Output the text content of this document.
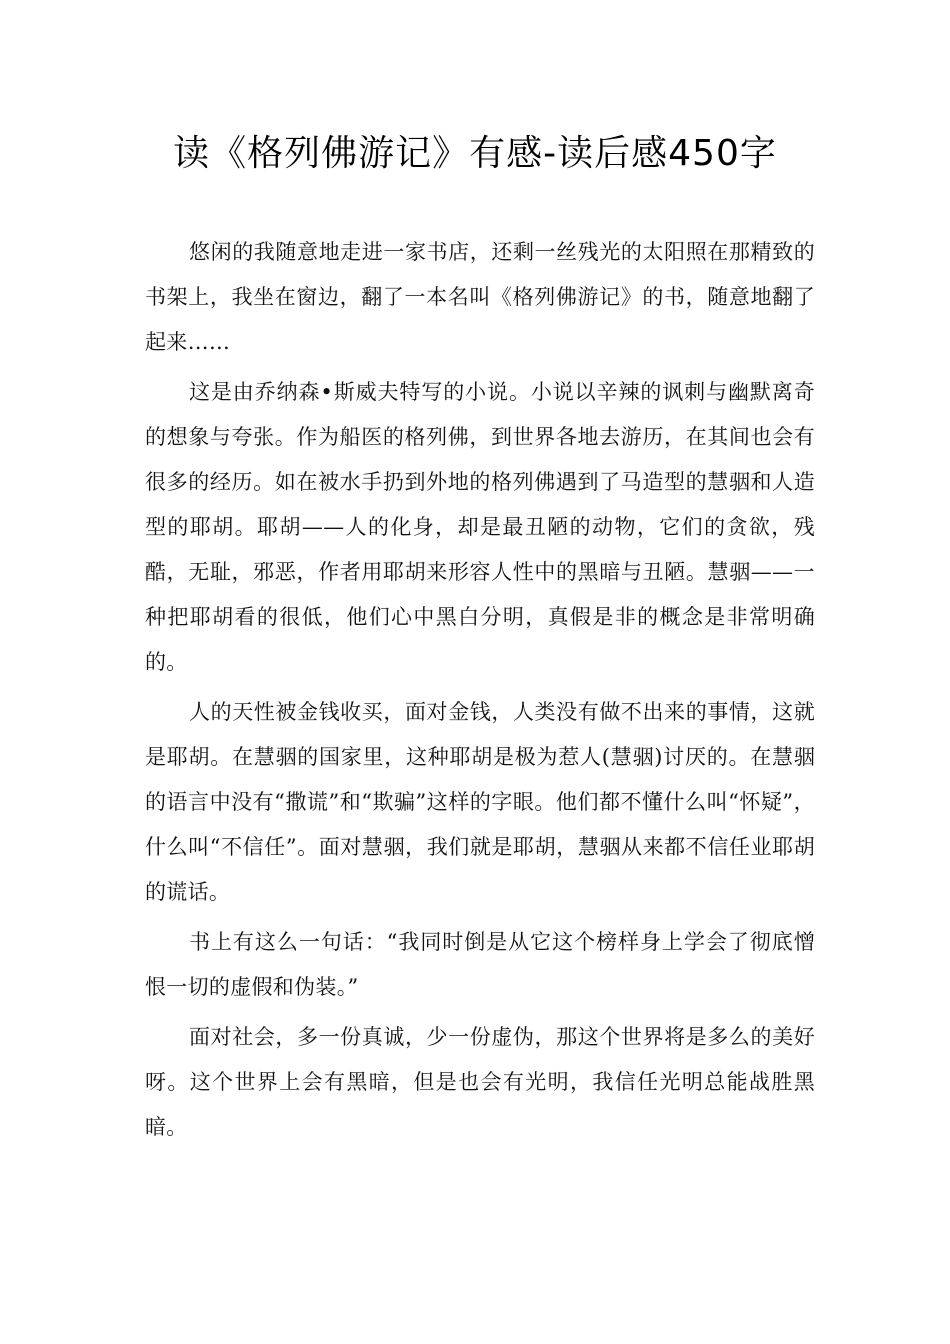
读《格列佛游记》有感-读后感450字

悠闲的我随意地走进一家书店，还剩一丝残光的太阳照在那精致的书架上，我坐在窗边，翻了一本名叫《格列佛游记》的书，随意地翻了起来……

这是由乔纳森•斯威夫特写的小说。小说以辛辣的讽刺与幽默离奇的想象与夸张。作为船医的格列佛，到世界各地去游历，在其间也会有很多的经历。如在被水手扔到外地的格列佛遇到了马造型的慧骃和人造型的耶胡。耶胡——人的化身，却是最丑陋的动物，它们的贪欲，残酷，无耻，邪恶，作者用耶胡来形容人性中的黑暗与丑陋。慧骃——一种把耶胡看的很低，他们心中黑白分明，真假是非的概念是非常明确的。

人的天性被金钱收买，面对金钱，人类没有做不出来的事情，这就是耶胡。在慧骃的国家里，这种耶胡是极为惹人(慧骃)讨厌的。在慧骃的语言中没有“撒谎”和“欺骗”这样的字眼。他们都不懂什么叫“怀疑”，什么叫“不信任”。面对慧骃，我们就是耶胡，慧骃从来都不信任业耶胡的谎话。

书上有这么一句话：“我同时倒是从它这个榜样身上学会了彻底憎恨一切的虚假和伪装。”

面对社会，多一份真诚，少一份虚伪，那这个世界将是多么的美好呀。这个世界上会有黑暗，但是也会有光明，我信任光明总能战胜黑暗。
